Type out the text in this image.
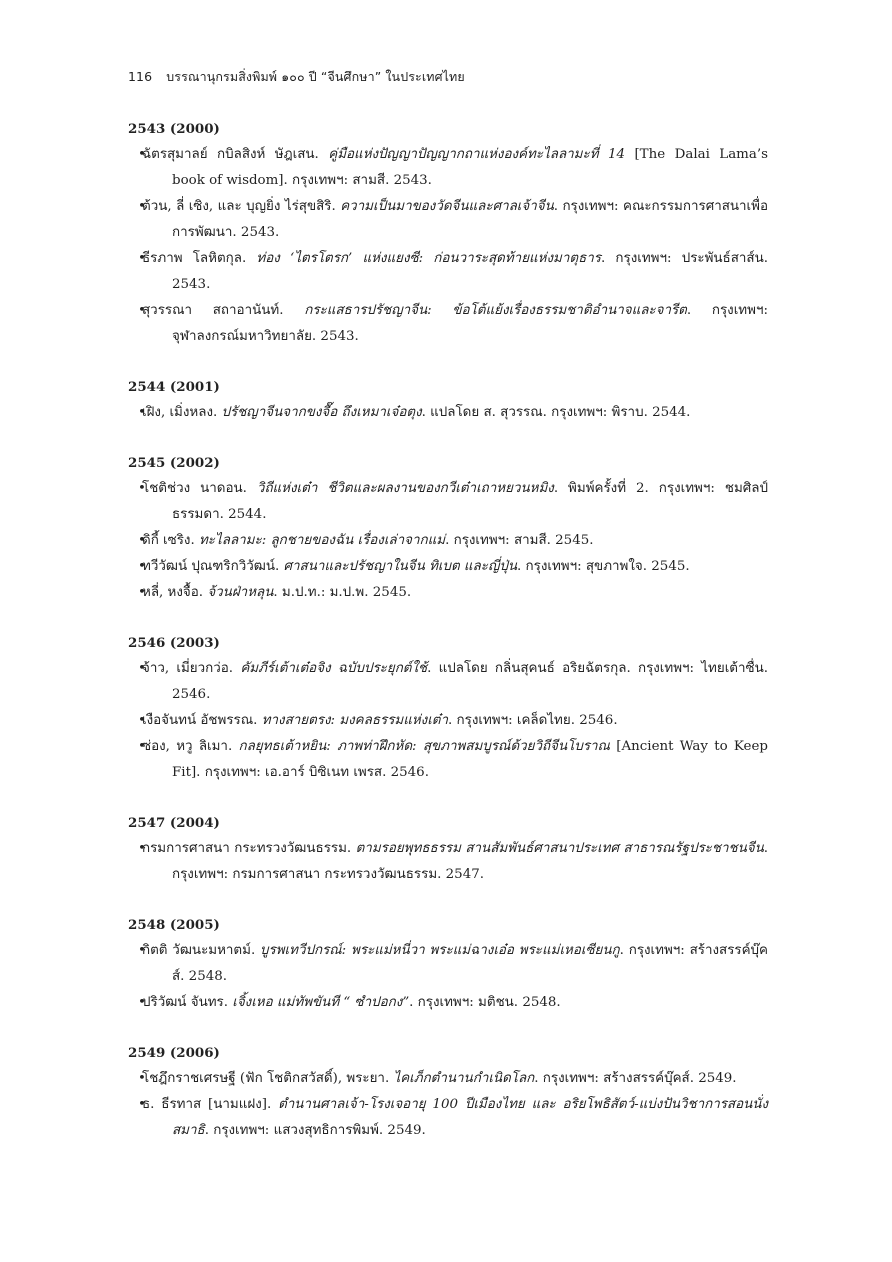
116 บรรณานุกรมสิ่งพิมพ์ ๑๐๐ ปี “จีนศึกษา” ในประเทศไทย

2543 (2000)

• ฉัตรสุมาลย์ กบิลสิงห์ ษัฎเสน. คู่มือแห่งปัญญาปัญญากถาแห่งองค์ทะไลลามะที่ 14 [The Dalai Lama’s book of wisdom]. กรุงเทพฯ: สามสี. 2543.
• ต้วน, ลี่ เซิง, และ บุญยิ่ง ไร่สุขสิริ. ความเป็นมาของวัดจีนและศาลเจ้าจีน. กรุงเทพฯ: คณะกรรมการศาสนาเพื่อการพัฒนา. 2543.
• ธีรภาพ โลหิตกุล. ท่อง ‘ไตรโตรก’ แห่งแยงซี: ก่อนวาระสุดท้ายแห่งมาตุธาร. กรุงเทพฯ: ประพันธ์สาส์น. 2543.
• สุวรรณา สถาอานันท์. กระแสธารปรัชญาจีน: ข้อโต้แย้งเรื่องธรรมชาติอำนาจและจารีต. กรุงเทพฯ: จุฬาลงกรณ์มหาวิทยาลัย. 2543.

2544 (2001)

• เฝิง, เมิ่งหลง. ปรัชญาจีนจากขงจื๊อ ถึงเหมาเจ๋อตุง. แปลโดย ส. สุวรรณ. กรุงเทพฯ: พิราบ. 2544.

2545 (2002)

• โชติช่วง นาดอน. วิถีแห่งเต๋า ชีวิตและผลงานของกวีเต๋าเถาหยวนหมิง. พิมพ์ครั้งที่ 2. กรุงเทพฯ: ชมศิลป์ธรรมดา. 2544.
• ดิกี้ เซริง. ทะไลลามะ: ลูกชายของฉัน เรื่องเล่าจากแม่. กรุงเทพฯ: สามสี. 2545.
• ทวีวัฒน์ ปุณฑริกวิวัฒน์. ศาสนาและปรัชญาในจีน ทิเบต และญี่ปุ่น. กรุงเทพฯ: สุขภาพใจ. 2545.
• หลี่, หงจื้อ. จ้วนฝ่าหลุน. ม.ป.ท.: ม.ป.พ. 2545.

2546 (2003)

• จ้าว, เมี่ยวกว่อ. คัมภีร์เต้าเต๋อจิง ฉบับประยุกต์ใช้. แปลโดย กลิ่นสุคนธ์ อริยฉัตรกุล. กรุงเทพฯ: ไทยเต้าซื่น. 2546.
• เงือจันทน์ อัชพรรณ. ทางสายตรง: มงคลธรรมแห่งเต๋า. กรุงเทพฯ: เคล็ดไทย. 2546.
• ซ่อง, หวู ลิเมา. กลยุทธเต้าหยิน: ภาพท่าฝึกหัด: สุขภาพสมบูรณ์ด้วยวิถีจีนโบราณ [Ancient Way to Keep Fit]. กรุงเทพฯ: เอ.อาร์ บิซิเนท เพรส. 2546.

2547 (2004)

• กรมการศาสนา กระทรวงวัฒนธรรม. ตามรอยพุทธธรรม สานสัมพันธ์ศาสนาประเทศ สาธารณรัฐประชาชนจีน. กรุงเทพฯ: กรมการศาสนา กระทรวงวัฒนธรรม. 2547.

2548 (2005)

• กิตติ วัฒนะมหาตม์. บูรพเทวีปกรณ์: พระแม่หนี่วา พระแม่ฉางเอ๋อ พระแม่เหอเซียนกู. กรุงเทพฯ: สร้างสรรค์บุ๊คส์. 2548.
• ปริวัฒน์ จันทร. เจิ้งเหอ แม่ทัพขันที “ ซำปอกง”. กรุงเทพฯ: มติชน. 2548.

2549 (2006)

• โชฎึกราชเศรษฐี (ฟัก โชติกสวัสดิ์), พระยา. ไคเภ็กตำนานกำเนิดโลก. กรุงเทพฯ: สร้างสรรค์บุ๊คส์. 2549.
• ธ. ธีรทาส [นามแฝง]. ตำนานศาลเจ้า-โรงเจอายุ 100 ปีเมืองไทย และ อริยโพธิสัตว์-แบ่งปันวิชาการสอนนั่งสมาธิ. กรุงเทพฯ: แสวงสุทธิการพิมพ์. 2549.
